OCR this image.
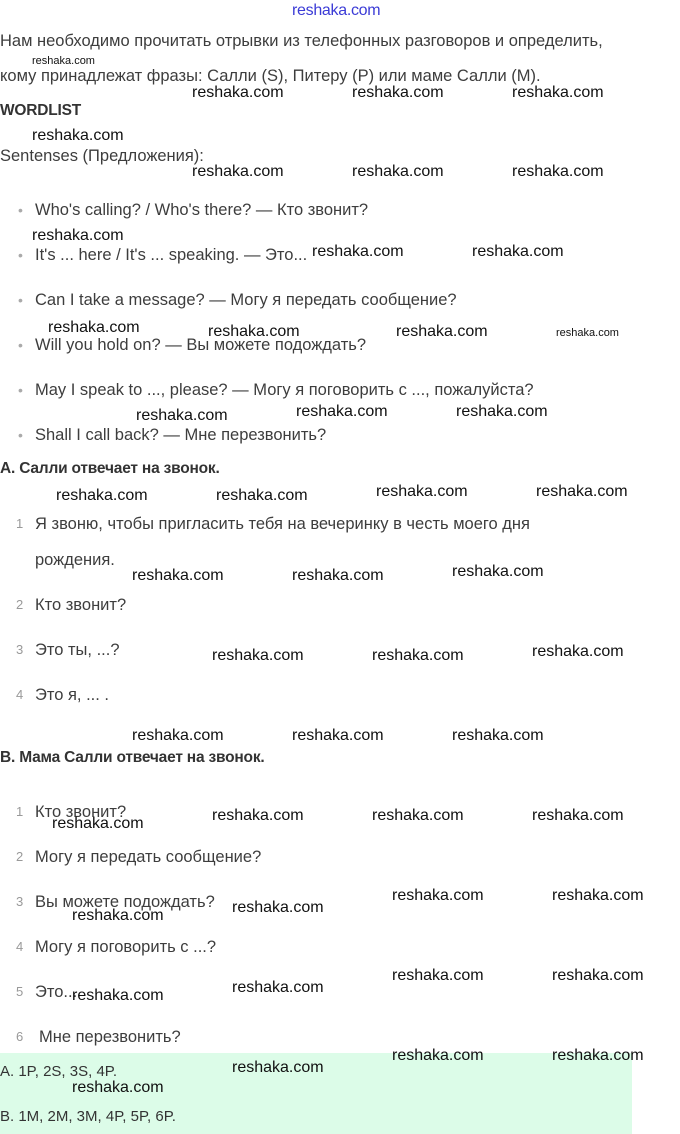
reshaka.com
Нам необходимо прочитать отрывки из телефонных разговоров и определить,
кому принадлежат фразы: Салли (S), Питеру (P) или маме Салли (M).
WORDLIST
Sentenses (Предложения):
• Who's calling? / Who's there? — Кто звонит?
• It's ... here / It's ... speaking. — Это...
• Can I take a message? — Могу я передать сообщение?
• Will you hold on? — Вы можете подождать?
• May I speak to ..., please? — Могу я поговорить с ..., пожалуйста?
• Shall I call back? — Мне перезвонить?
A. Салли отвечает на звонок.
1 Я звоню, чтобы пригласить тебя на вечеринку в честь моего дня
рождения.
2 Кто звонит?
3 Это ты, ...?
4 Это я, ... .
B. Мама Салли отвечает на звонок.
1 Кто звонит?
2 Могу я передать сообщение?
3 Вы можете подождать?
4 Могу я поговорить с ...?
5 Это...
6 Мне перезвонить?
A. 1P, 2S, 3S, 4P.
B. 1M, 2M, 3M, 4P, 5P, 6P.
reshaka.com
reshaka.com	reshaka.com	reshaka.com
reshaka.com
reshaka.com	reshaka.com	reshaka.com
reshaka.com
reshaka.com	reshaka.com
reshaka.com	reshaka.com	reshaka.com	reshaka.com
reshaka.com	reshaka.com	reshaka.com
reshaka.com	reshaka.com	reshaka.com	reshaka.com
reshaka.com	reshaka.com	reshaka.com
reshaka.com	reshaka.com	reshaka.com
reshaka.com	reshaka.com	reshaka.com
reshaka.com	reshaka.com	reshaka.com	reshaka.com
reshaka.com	reshaka.com
reshaka.com	reshaka.com
reshaka.com	reshaka.com
reshaka.com	reshaka.com
reshaka.com	reshaka.com
reshaka.com
reshaka.com
